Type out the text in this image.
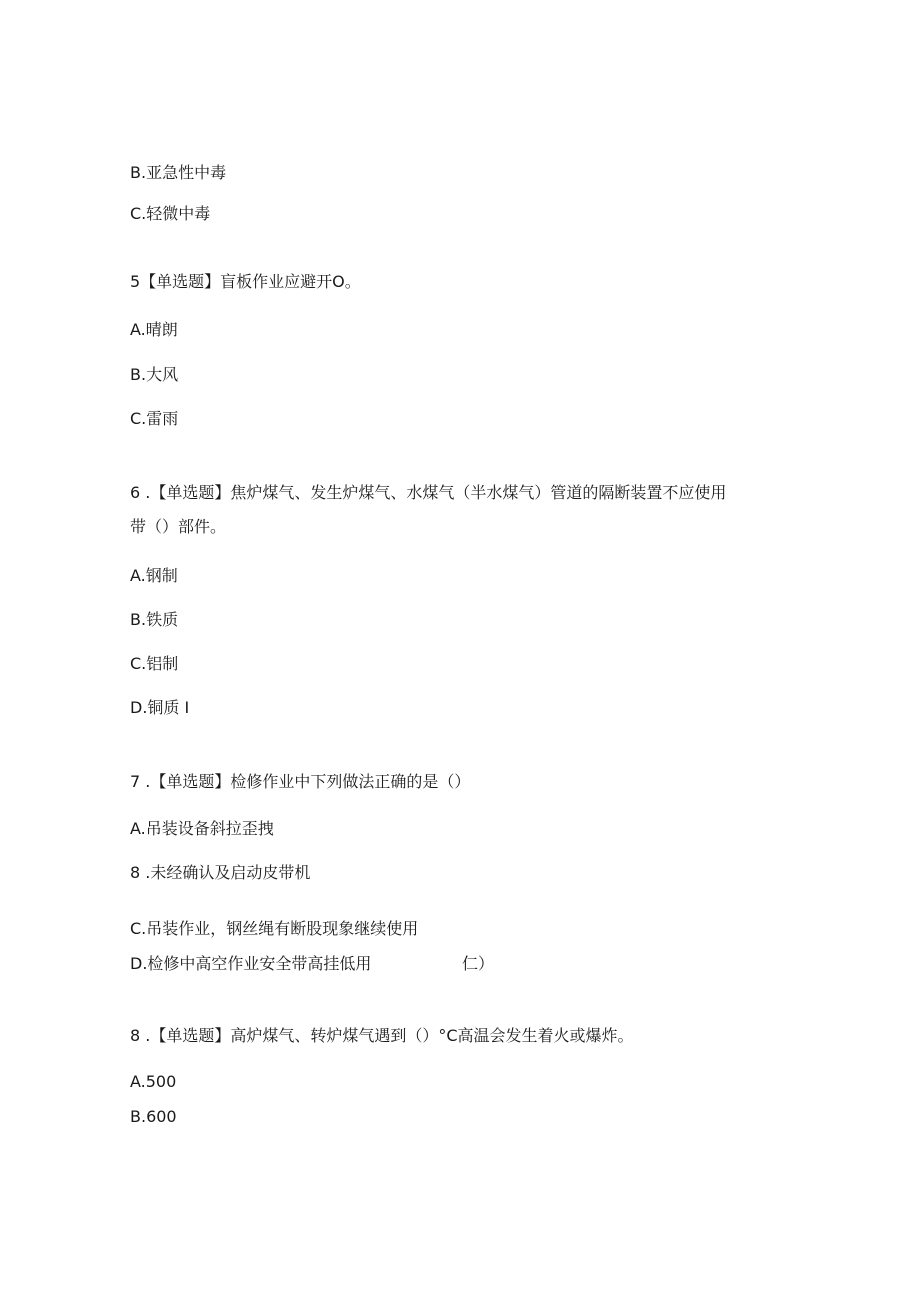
B.亚急性中毒
C.轻微中毒
5【单选题】盲板作业应避开O。
A.晴朗
B.大风
C.雷雨
6 .【单选题】焦炉煤气、发生炉煤气、水煤气（半水煤气）管道的隔断装置不应使用
带（）部件。
A.钢制
B.铁质
C.铝制
D.铜质 I
7 .【单选题】检修作业中下列做法正确的是（）
A.吊装设备斜拉歪拽
8 .未经确认及启动皮带机
C.吊装作业，钢丝绳有断股现象继续使用
D.检修中高空作业安全带高挂低用	仁）
8 .【单选题】高炉煤气、转炉煤气遇到（）°C高温会发生着火或爆炸。
A.500
B.600
